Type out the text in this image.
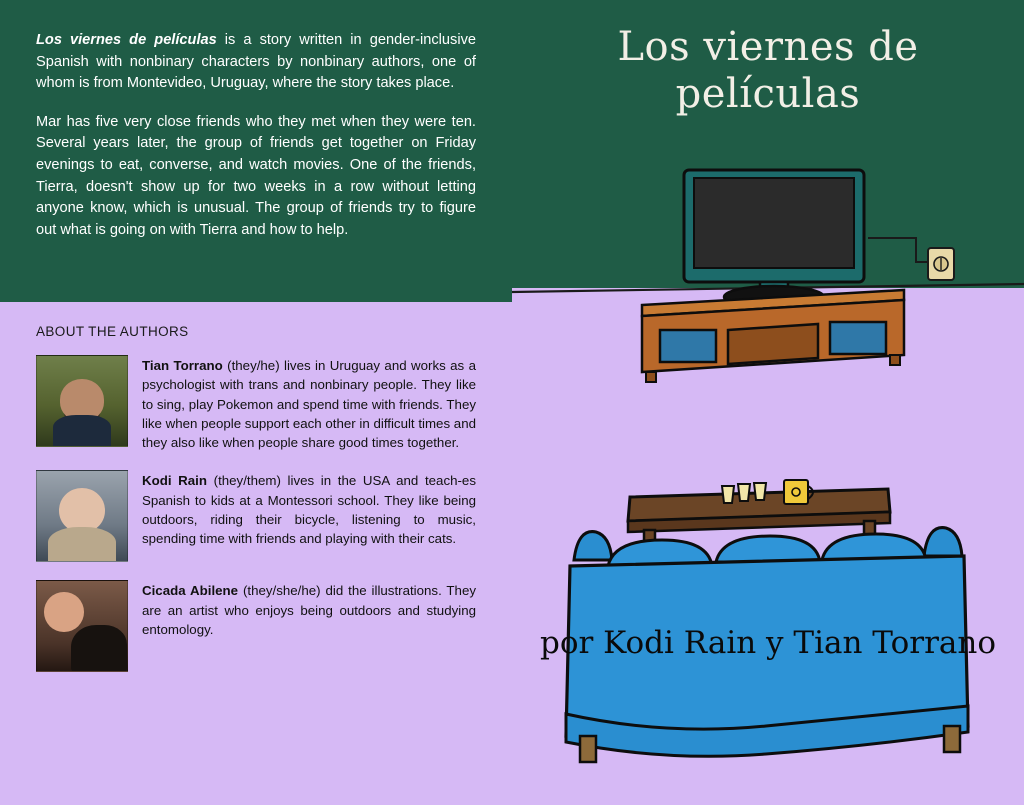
Los viernes de películas is a story written in gender-inclusive Spanish with nonbinary characters by nonbinary authors, one of whom is from Montevideo, Uruguay, where the story takes place.

Mar has five very close friends who they met when they were ten. Several years later, the group of friends get together on Friday evenings to eat, converse, and watch movies. One of the friends, Tierra, doesn't show up for two weeks in a row without letting anyone know, which is unusual. The group of friends try to figure out what is going on with Tierra and how to help.

ABOUT THE AUTHORS
Tian Torrano (they/he) lives in Uruguay and works as a psychologist with trans and nonbinary people. They like to sing, play Pokemon and spend time with friends. They like when people support each other in difficult times and they also like when people share good times together.
Kodi Rain (they/them) lives in the USA and teach-es Spanish to kids at a Montessori school. They like being outdoors, riding their bicycle, listening to music, spending time with friends and playing with their cats.
Cicada Abilene (they/she/he) did the illustrations. They are an artist who enjoys being outdoors and studying entomology.
Los viernes de
películas
por Kodi Rain y Tian Torrano
